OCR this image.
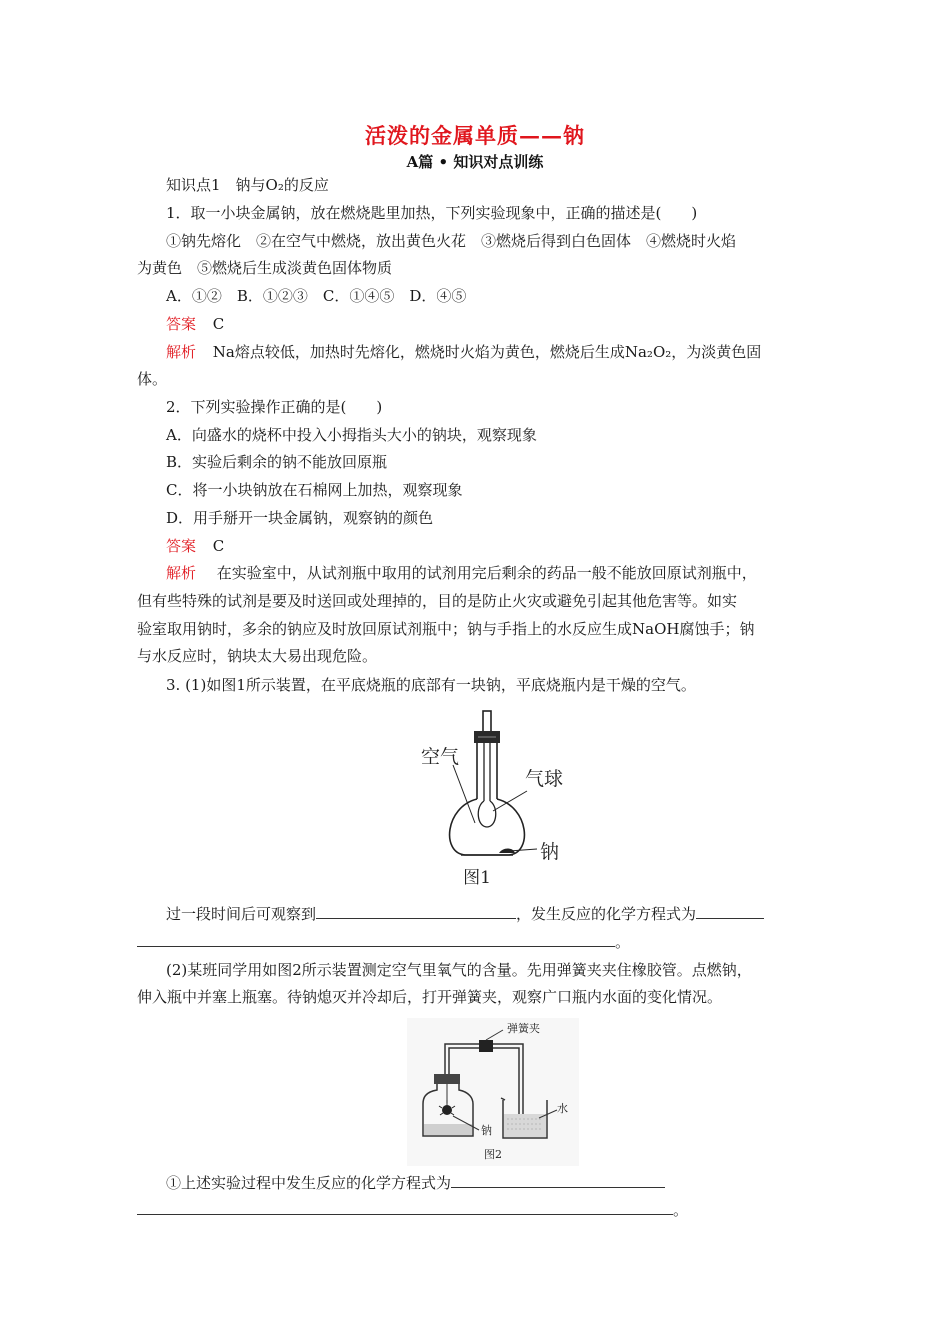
活泼的金属单质——钠
A篇 • 知识对点训练
知识点1　钠与O₂的反应
1．取一小块金属钠，放在燃烧匙里加热，下列实验现象中，正确的描述是(　　)
①钠先熔化　②在空气中燃烧，放出黄色火花　③燃烧后得到白色固体　④燃烧时火焰
为黄色　⑤燃烧后生成淡黄色固体物质
A．①②　B．①②③　C．①④⑤　D．④⑤
答案 C
解析 Na熔点较低，加热时先熔化，燃烧时火焰为黄色，燃烧后生成Na₂O₂，为淡黄色固
体。
2．下列实验操作正确的是(　　)
A．向盛水的烧杯中投入小拇指头大小的钠块，观察现象
B．实验后剩余的钠不能放回原瓶
C．将一小块钠放在石棉网上加热，观察现象
D．用手掰开一块金属钠，观察钠的颜色
答案 C
解析 在实验室中，从试剂瓶中取用的试剂用完后剩余的药品一般不能放回原试剂瓶中，
但有些特殊的试剂是要及时送回或处理掉的，目的是防止火灾或避免引起其他危害等。如实
验室取用钠时，多余的钠应及时放回原试剂瓶中；钠与手指上的水反应生成NaOH腐蚀手；钠
与水反应时，钠块太大易出现危险。
3. (1)如图1所示装置，在平底烧瓶的底部有一块钠，平底烧瓶内是干燥的空气。
空气
气球
钠
图1
过一段时间后可观察到	，发生反应的化学方程式为
。
(2)某班同学用如图2所示装置测定空气里氧气的含量。先用弹簧夹夹住橡胶管。点燃钠，
伸入瓶中并塞上瓶塞。待钠熄灭并冷却后，打开弹簧夹，观察广口瓶内水面的变化情况。
弹簧夹
钠
水
图2
①上述实验过程中发生反应的化学方程式为
。
